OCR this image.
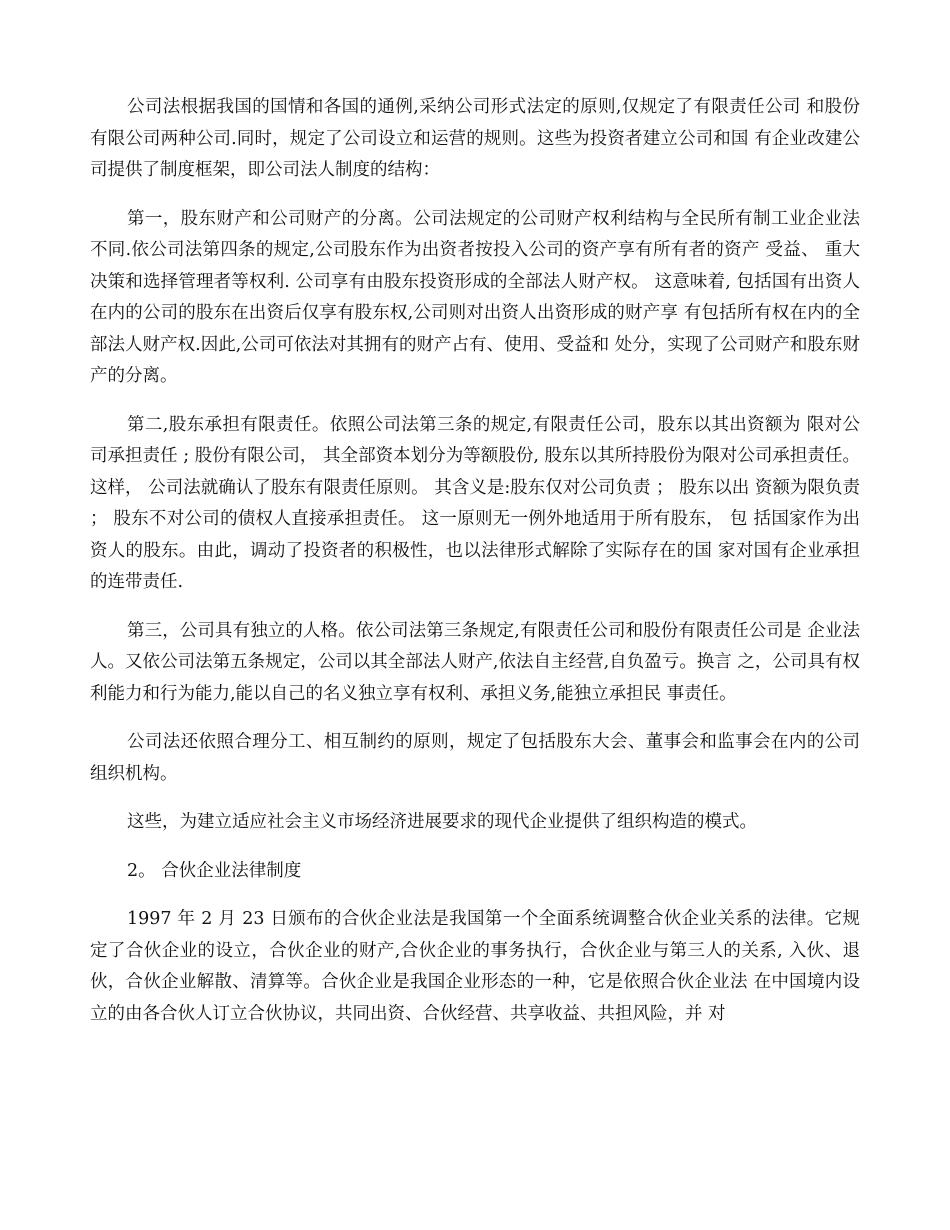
公司法根据我国的国情和各国的通例,采纳公司形式法定的原则,仅规定了有限责任公司 和股份有限公司两种公司.同时，规定了公司设立和运营的规则。这些为投资者建立公司和国 有企业改建公司提供了制度框架，即公司法人制度的结构：

第一，股东财产和公司财产的分离。公司法规定的公司财产权利结构与全民所有制工业企业法不同.依公司法第四条的规定,公司股东作为出资者按投入公司的资产享有所有者的资产 受益、 重大决策和选择管理者等权利. 公司享有由股东投资形成的全部法人财产权。 这意味着, 包括国有出资人在内的公司的股东在出资后仅享有股东权,公司则对出资人出资形成的财产享 有包括所有权在内的全部法人财产权.因此,公司可依法对其拥有的财产占有、使用、受益和 处分，实现了公司财产和股东财产的分离。

第二,股东承担有限责任。依照公司法第三条的规定,有限责任公司，股东以其出资额为 限对公司承担责任 ; 股份有限公司， 其全部资本划分为等额股份, 股东以其所持股份为限对公司承担责任。 这样， 公司法就确认了股东有限责任原则。 其含义是:股东仅对公司负责 ； 股东以出 资额为限负责 ； 股东不对公司的债权人直接承担责任。 这一原则无一例外地适用于所有股东， 包 括国家作为出资人的股东。由此，调动了投资者的积极性，也以法律形式解除了实际存在的国 家对国有企业承担的连带责任.

第三，公司具有独立的人格。依公司法第三条规定,有限责任公司和股份有限责任公司是 企业法人。又依公司法第五条规定，公司以其全部法人财产,依法自主经营,自负盈亏。换言 之，公司具有权利能力和行为能力,能以自己的名义独立享有权利、承担义务,能独立承担民 事责任。

公司法还依照合理分工、相互制约的原则，规定了包括股东大会、董事会和监事会在内的公司组织机构。

这些，为建立适应社会主义市场经济进展要求的现代企业提供了组织构造的模式。

2。 合伙企业法律制度

1997 年 2 月 23 日颁布的合伙企业法是我国第一个全面系统调整合伙企业关系的法律。它规定了合伙企业的设立，合伙企业的财产,合伙企业的事务执行，合伙企业与第三人的关系, 入伙、退伙，合伙企业解散、清算等。合伙企业是我国企业形态的一种，它是依照合伙企业法 在中国境内设立的由各合伙人订立合伙协议，共同出资、合伙经营、共享收益、共担风险，并 对
